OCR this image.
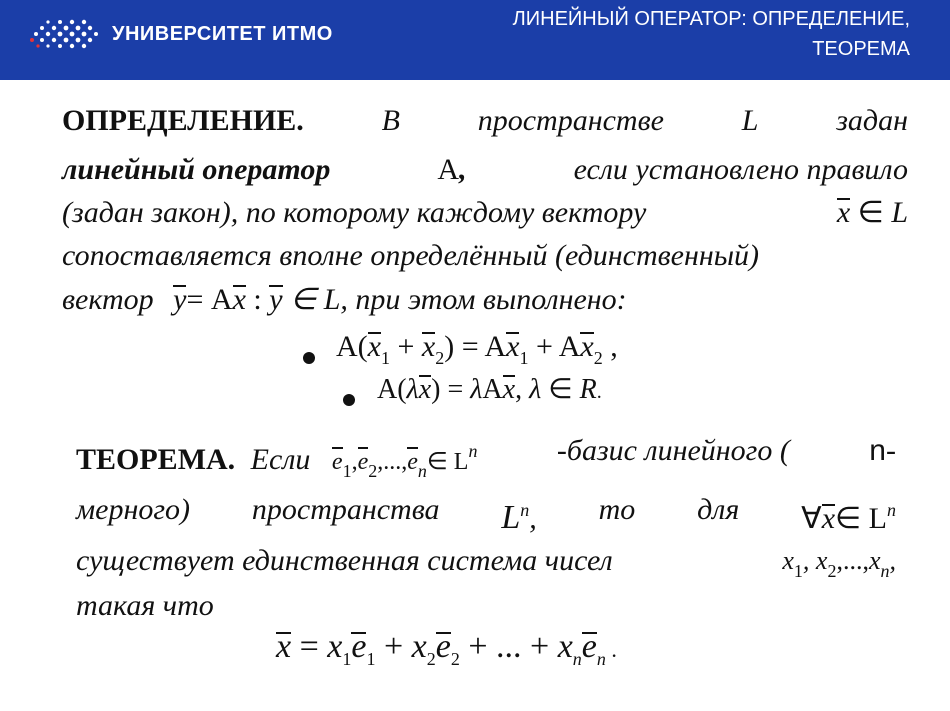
УНИВЕРСИТЕТ ИТМО
ЛИНЕЙНЫЙ ОПЕРАТОР: ОПРЕДЕЛЕНИЕ,
ТЕОРЕМА
ОПРЕДЕЛЕНИЕ.	В	пространстве	L	задан
линейный оператор	A,	если установлено правило
(задан закон), по которому каждому вектору	x ∈ L
сопоставляется вполне определённый (единственный)
вектор y= Ax : y ∈ L, при этом выполнено:
$A(x_1 + x_2) = Ax_1 + Ax_2$ ,
A(λx) = λAx, λ ∈ R.
ТЕОРЕМА. Если $e_1,e_2,...,e_n\in$ $L^n$	-базис линейного (	n-
мерного) пространства $L^n$, то для ∀x∈ $L^n$
существует единственная система чисел	$x_1$, $x_2,...,x_n$,
такая что
$x = x_1e_1 + x_2e_2$ + ... + $x_ne_n$ .
